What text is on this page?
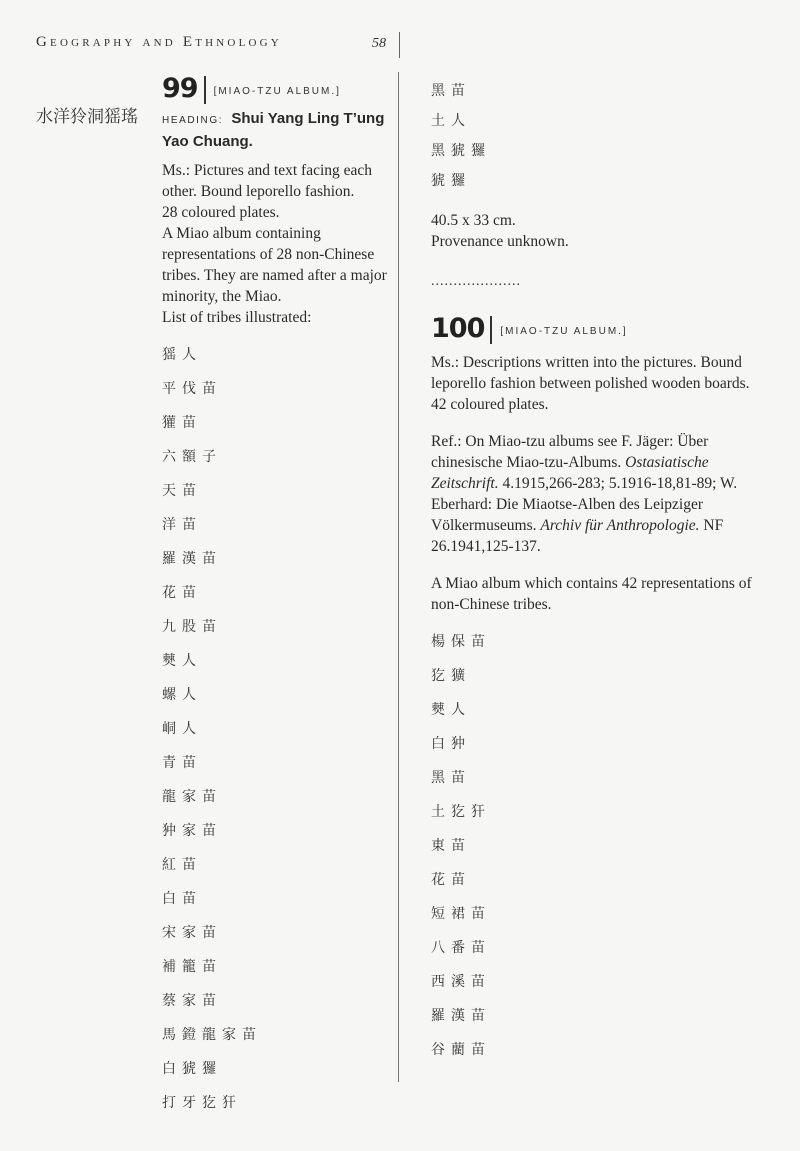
Geography and Ethnology	58
水洋狑洞猺瑤
99 [MIAO-TZU ALBUM.]
HEADING: Shui Yang Ling T’ung Yao Chuang.

Ms.: Pictures and text facing each other. Bound leporello fashion.

28 coloured plates.

A Miao album containing representations of 28 non-Chinese tribes. They are named after a major minority, the Miao.

List of tribes illustrated:

猺人
平伐苗
獾苗
六額子
天苗
洋苗
羅漢苗
花苗
九股苗
僰人
螺人
峒人
青苗
龍家苗
狆家苗
紅苗
白苗
宋家苗
補籠苗
蔡家苗
馬鐙龍家苗
白猇玀
打牙犵犴
黑苗
土人
黑猇玀
猇玀

40.5 x 33 cm.

Provenance unknown.

....................
100 [MIAO-TZU ALBUM.]

Ms.: Descriptions written into the pictures. Bound leporello fashion between polished wooden boards.

42 coloured plates.

Ref.: On Miao-tzu albums see F. Jäger: Über chinesische Miao-tzu-Albums. Ostasiatische Zeitschrift. 4.1915,266-283; 5.1916-18,81-89; W. Eberhard: Die Miaotse-Alben des Leipziger Völkermuseums. Archiv für Anthropologie. NF 26.1941,125-137.

A Miao album which contains 42 representations of non-Chinese tribes.

楊保苗
犵獷
僰人
白狆
黑苗
土犵犴
東苗
花苗
短裙苗
八番苗
西溪苗
羅漢苗
谷藺苗
